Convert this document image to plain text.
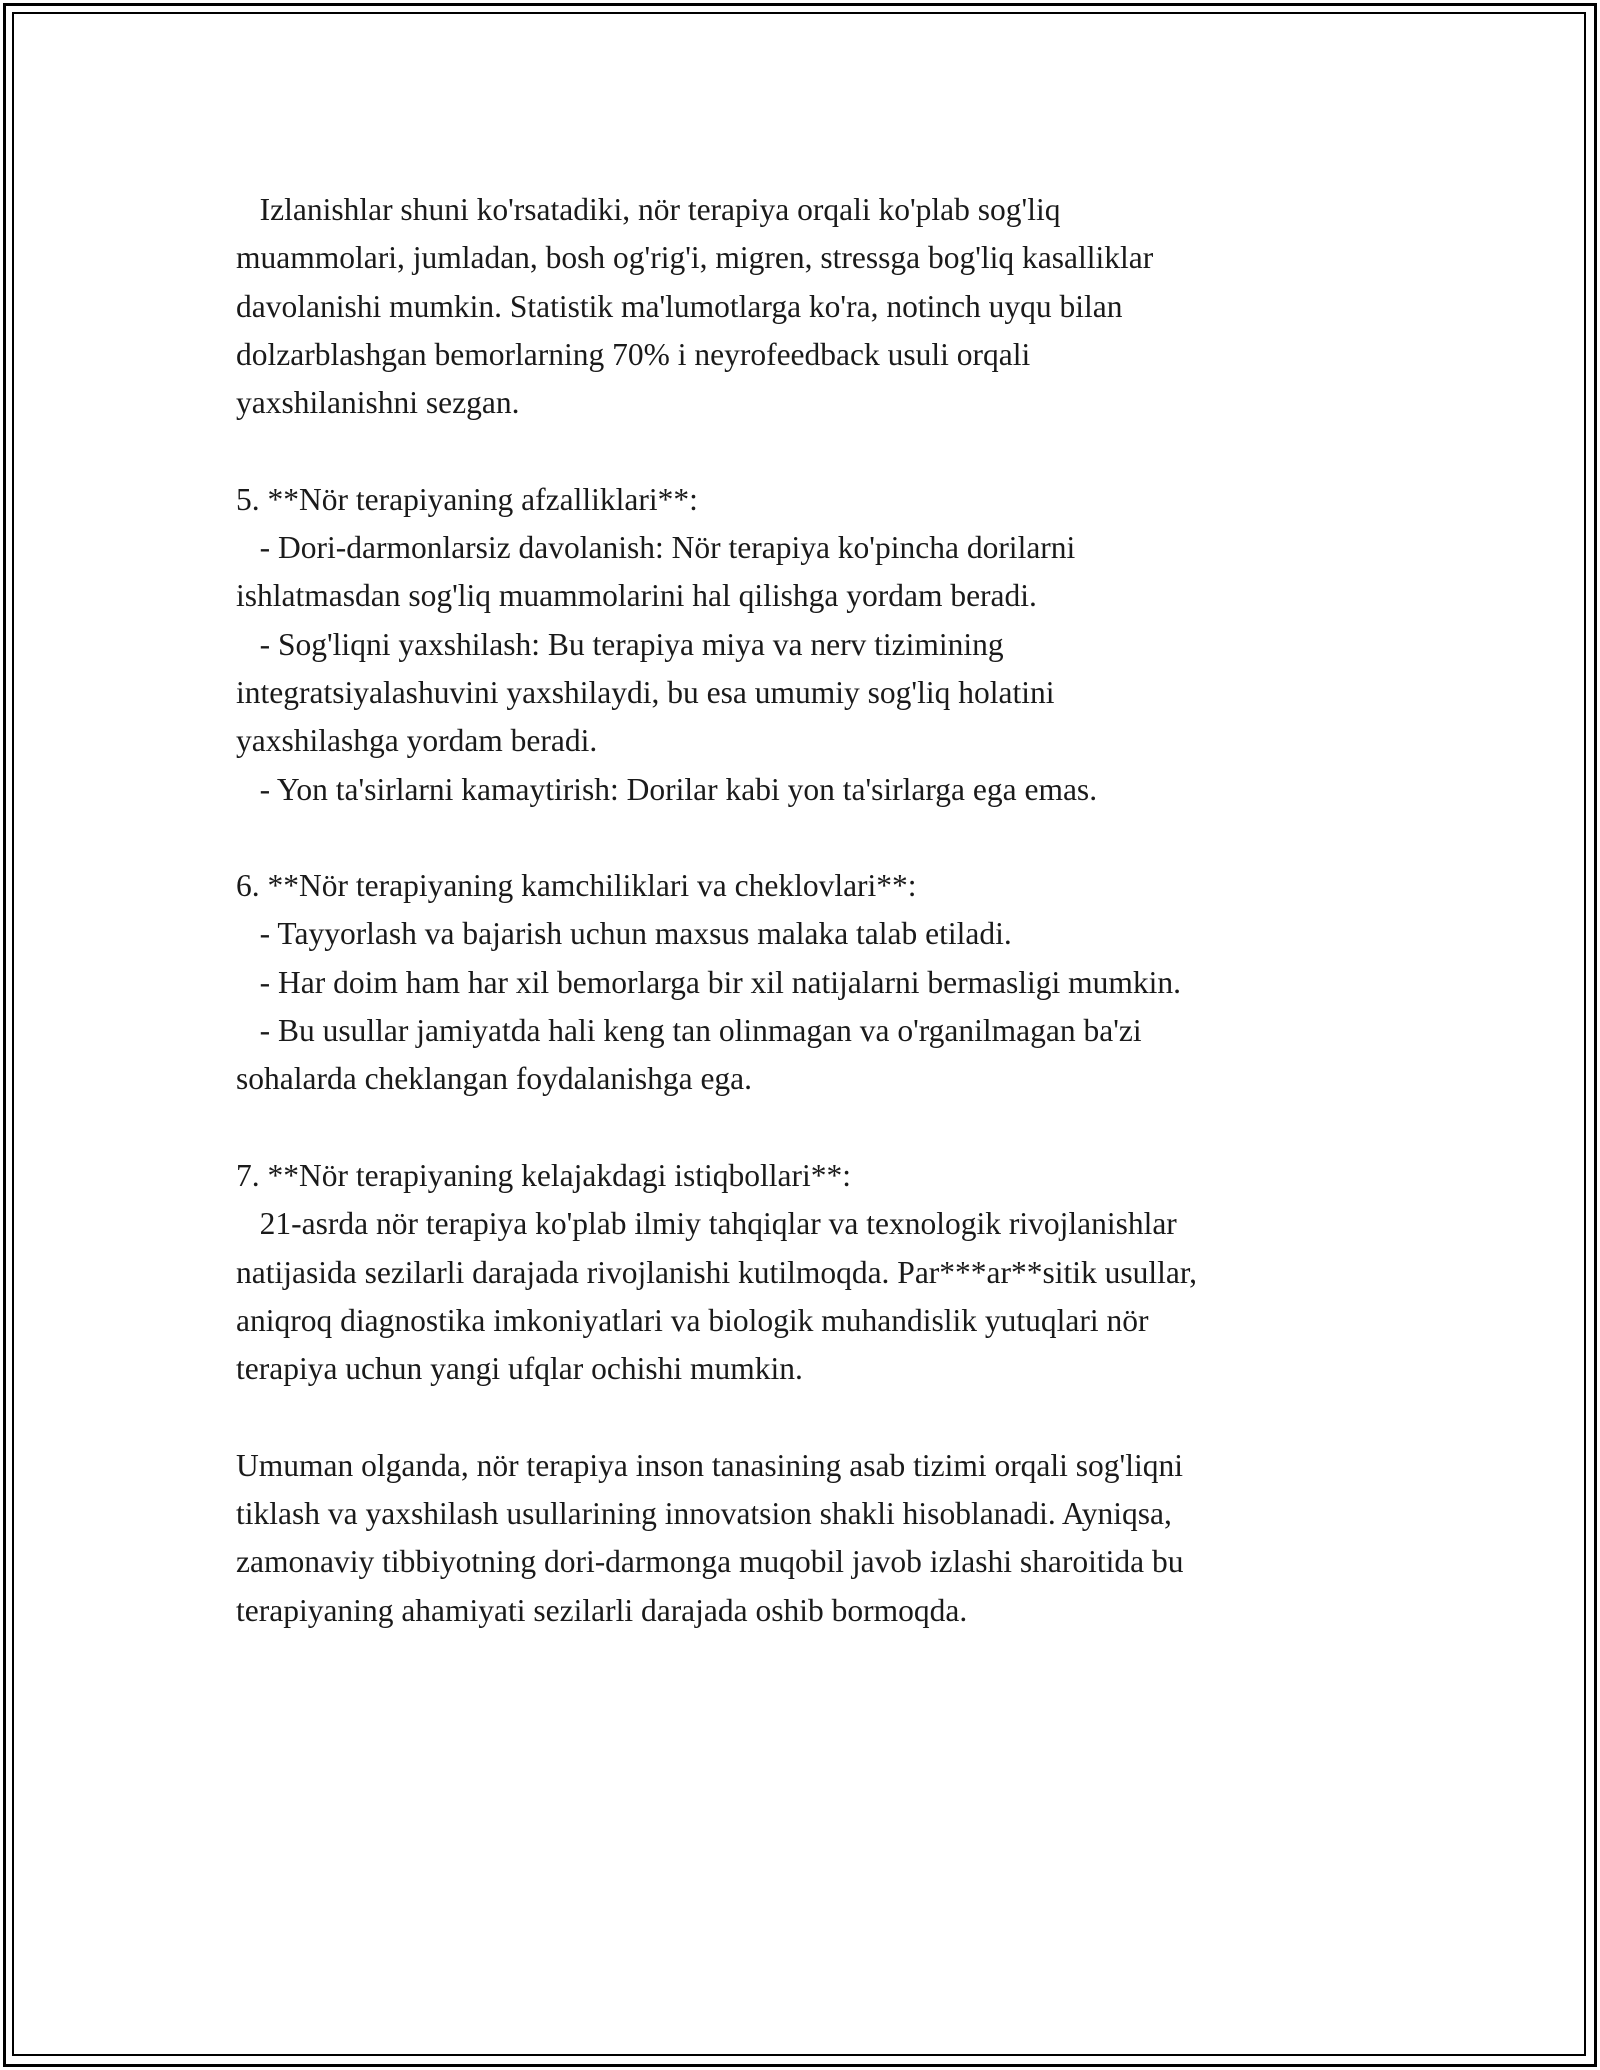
Izlanishlar shuni ko'rsatadiki, nör terapiya orqali ko'plab sog'liq
muammolari, jumladan, bosh og'rig'i, migren, stressga bog'liq kasalliklar
davolanishi mumkin. Statistik ma'lumotlarga ko'ra, notinch uyqu bilan
dolzarblashgan bemorlarning 70% i neyrofeedback usuli orqali
yaxshilanishni sezgan.
5. **Nör terapiyaning afzalliklari**:
- Dori-darmonlarsiz davolanish: Nör terapiya ko'pincha dorilarni
ishlatmasdan sog'liq muammolarini hal qilishga yordam beradi.
- Sog'liqni yaxshilash: Bu terapiya miya va nerv tizimining
integratsiyalashuvini yaxshilaydi, bu esa umumiy sog'liq holatini
yaxshilashga yordam beradi.
- Yon ta'sirlarni kamaytirish: Dorilar kabi yon ta'sirlarga ega emas.
6. **Nör terapiyaning kamchiliklari va cheklovlari**:
- Tayyorlash va bajarish uchun maxsus malaka talab etiladi.
- Har doim ham har xil bemorlarga bir xil natijalarni bermasligi mumkin.
- Bu usullar jamiyatda hali keng tan olinmagan va o'rganilmagan ba'zi
sohalarda cheklangan foydalanishga ega.
7. **Nör terapiyaning kelajakdagi istiqbollari**:
21-asrda nör terapiya ko'plab ilmiy tahqiqlar va texnologik rivojlanishlar
natijasida sezilarli darajada rivojlanishi kutilmoqda. Par***ar**sitik usullar,
aniqroq diagnostika imkoniyatlari va biologik muhandislik yutuqlari nör
terapiya uchun yangi ufqlar ochishi mumkin.
Umuman olganda, nör terapiya inson tanasining asab tizimi orqali sog'liqni
tiklash va yaxshilash usullarining innovatsion shakli hisoblanadi. Ayniqsa,
zamonaviy tibbiyotning dori-darmonga muqobil javob izlashi sharoitida bu
terapiyaning ahamiyati sezilarli darajada oshib bormoqda.
